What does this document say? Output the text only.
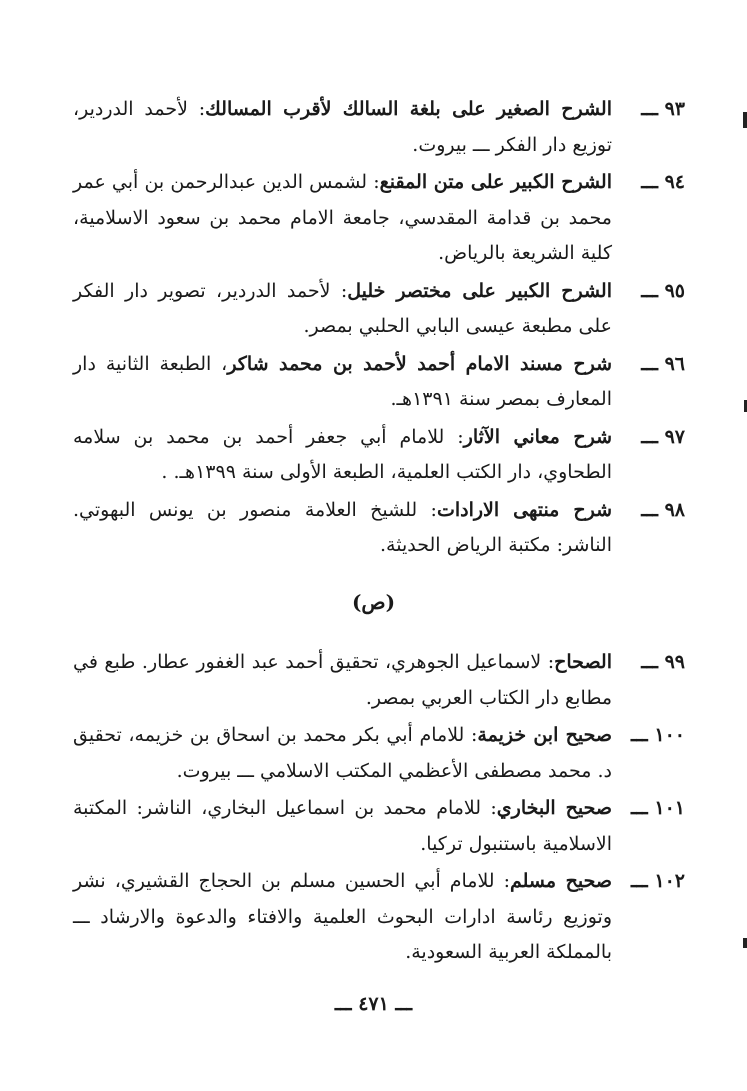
٩٣ ـــ
الشرح الصغير على بلغة السالك لأقرب المسالك: لأحمد الدردير، توزيع دار الفكر ـــ بيروت.
٩٤ ـــ
الشرح الكبير على متن المقنع: لشمس الدين عبدالرحمن بن أبي عمر محمد بن قدامة المقدسي، جامعة الامام محمد بن سعود الاسلامية، كلية الشريعة بالرياض.
٩٥ ـــ
الشرح الكبير على مختصر خليل: لأحمد الدردير، تصوير دار الفكر على مطبعة عيسى البابي الحلبي بمصر.
٩٦ ـــ
شرح مسند الامام أحمد لأحمد بن محمد شاكر، الطبعة الثانية دار المعارف بمصر سنة ١٣٩١هـ.
٩٧ ـــ
شرح معاني الآثار: للامام أبي جعفر أحمد بن محمد بن سلامه الطحاوي، دار الكتب العلمية، الطبعة الأولى سنة ١٣٩٩هـ. .
٩٨ ـــ
شرح منتهى الارادات: للشيخ العلامة منصور بن يونس البهوتي. الناشر: مكتبة الرياض الحديثة.
(ص)
٩٩ ـــ
الصحاح: لاسماعيل الجوهري، تحقيق أحمد عبد الغفور عطار. طبع في مطابع دار الكتاب العربي بمصر.
١٠٠ ـــ
صحيح ابن خزيمة: للامام أبي بكر محمد بن اسحاق بن خزيمه، تحقيق د. محمد مصطفى الأعظمي المكتب الاسلامي ـــ بيروت.
١٠١ ـــ
صحيح البخاري: للامام محمد بن اسماعيل البخاري، الناشر: المكتبة الاسلامية باستنبول تركيا.
١٠٢ ـــ
صحيح مسلم: للامام أبي الحسين مسلم بن الحجاج القشيري، نشر وتوزيع رئاسة ادارات البحوث العلمية والافتاء والدعوة والارشاد ـــ بالمملكة العربية السعودية.
ـــ ٤٧١ ـــ
